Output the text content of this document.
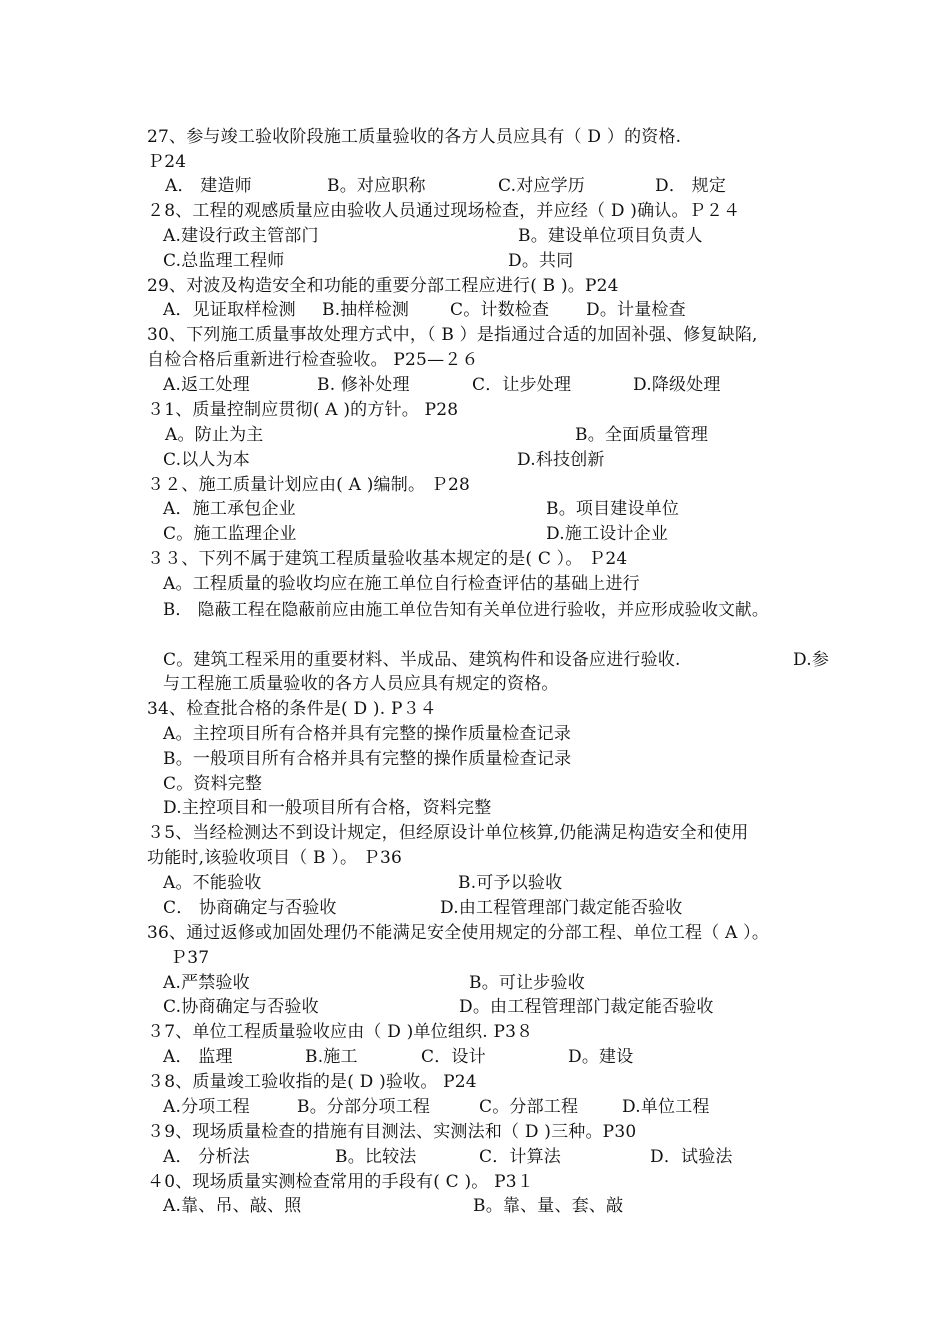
27、参与竣工验收阶段施工质量验收的各方人员应具有（ D ）的资格.
Ｐ24
A． 建造师	B。对应职称	C.对应学历	D． 规定
２8、工程的观感质量应由验收人员通过现场检查，并应经（ D )确认。Ｐ２４
A.建设行政主管部门	B。建设单位项目负责人
C.总监理工程师	D。共同
29、对波及构造安全和功能的重要分部工程应进行( B )。P24
A．见证取样检测 B.抽样检测 C。计数检查 D。计量检查
30、下列施工质量事故处理方式中，（ B ）是指通过合适的加固补强、修复缺陷,
自检合格后重新进行检查验收。 P25—２６
A.返工处理	B. 修补处理	C．让步处理	D.降级处理
３1、质量控制应贯彻( A )的方针。 P28
A。防止为主	B。全面质量管理
C.以人为本	D.科技创新
３２、施工质量计划应由( A )编制。 Ｐ28
A．施工承包企业	B。项目建设单位
C。施工监理企业	D.施工设计企业
３３、下列不属于建筑工程质量验收基本规定的是( C ）。 Ｐ24
A。工程质量的验收均应在施工单位自行检查评估的基础上进行
B． 隐蔽工程在隐蔽前应由施工单位告知有关单位进行验收，并应形成验收文献。
C。建筑工程采用的重要材料、半成品、建筑构件和设备应进行验收.	D.参
与工程施工质量验收的各方人员应具有规定的资格。
34、检查批合格的条件是( D ). P３４
A。主控项目所有合格并具有完整的操作质量检查记录
B。一般项目所有合格并具有完整的操作质量检查记录
C。资料完整
D.主控项目和一般项目所有合格，资料完整
３5、当经检测达不到设计规定，但经原设计单位核算,仍能满足构造安全和使用
功能时,该验收项目（ B ）。 Ｐ36
A。不能验收	B.可予以验收
C． 协商确定与否验收	D.由工程管理部门裁定能否验收
36、通过返修或加固处理仍不能满足安全使用规定的分部工程、单位工程（ A ）。
Ｐ37
A.严禁验收	B。可让步验收
C.协商确定与否验收	D。由工程管理部门裁定能否验收
３7、单位工程质量验收应由（ D )单位组织. P3８
A． 监理	B.施工	C．设计	D。建设
３8、质量竣工验收指的是( D )验收。 P24
A.分项工程	B。分部分项工程	C。分部工程	D.单位工程
３9、现场质量检查的措施有目测法、实测法和（ D )三种。P30
A． 分析法	B。比较法	C．计算法	D．试验法
４0、现场质量实测检查常用的手段有( C )。 P3１
A.靠、吊、敲、照	B。靠、量、套、敲
